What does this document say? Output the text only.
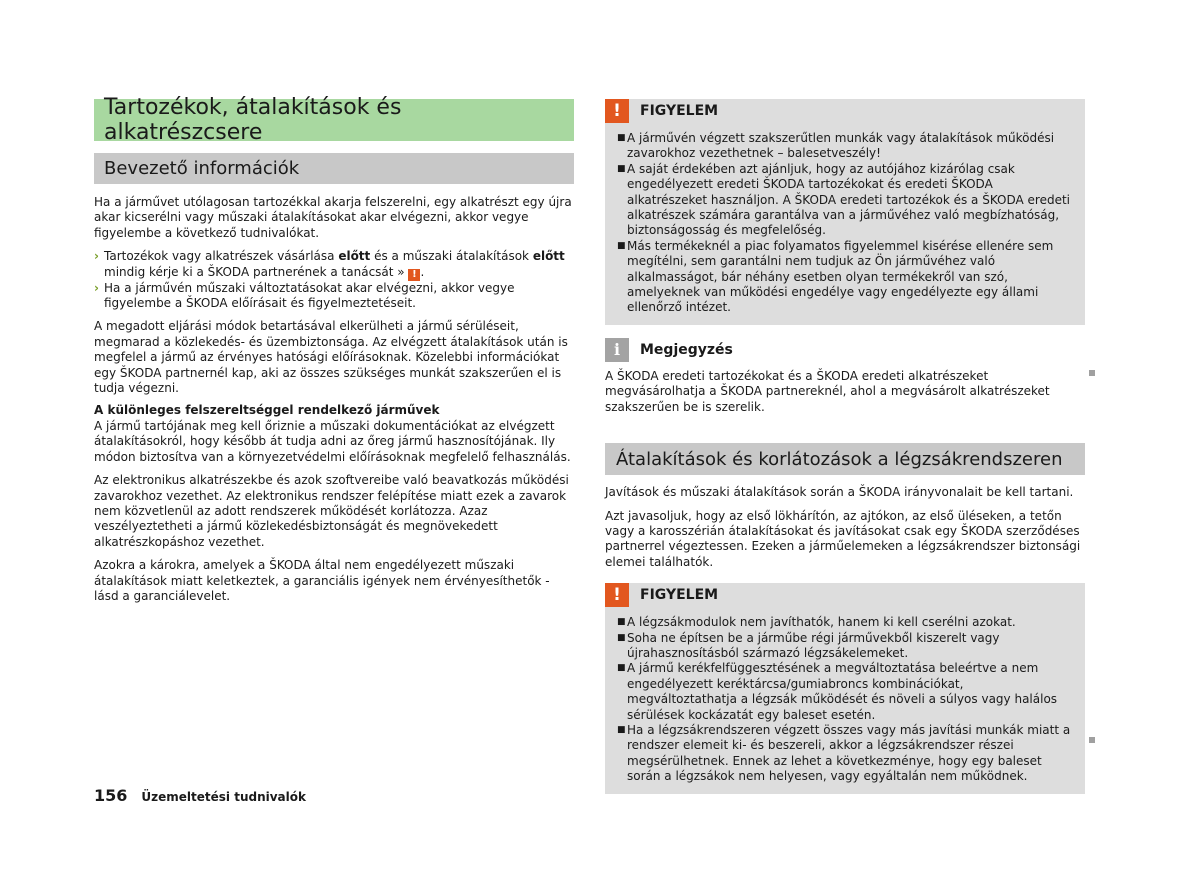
Tartozékok, átalakítások és alkatrészcsere
Bevezető információk

Ha a járművet utólagosan tartozékkal akarja felszerelni, egy alkatrészt egy újra akar kicserélni vagy műszaki átalakításokat akar elvégezni, akkor vegye figyelembe a következő tudnivalókat.

› Tartozékok vagy alkatrészek vásárlása előtt és a műszaki átalakítások előtt mindig kérje ki a ŠKODA partnerének a tanácsát » ! .
› Ha a járművén műszaki változtatásokat akar elvégezni, akkor vegye figyelembe a ŠKODA előírásait és figyelmeztetéseit.

A megadott eljárási módok betartásával elkerülheti a jármű sérüléseit, megmarad a közlekedés- és üzembiztonsága. Az elvégzett átalakítások után is megfelel a jármű az érvényes hatósági előírásoknak. Közelebbi információkat egy ŠKODA partnernél kap, aki az összes szükséges munkát szakszerűen el is tudja végezni.

A különleges felszereltséggel rendelkező járművek

A jármű tartójának meg kell őriznie a műszaki dokumentációkat az elvégzett átalakításokról, hogy később át tudja adni az őreg jármű hasznosítójának. Ily módon biztosítva van a környezetvédelmi előírásoknak megfelelő felhasználás.

Az elektronikus alkatrészekbe és azok szoftvereibe való beavatkozás működési zavarokhoz vezethet. Az elektronikus rendszer felépítése miatt ezek a zavarok nem közvetlenül az adott rendszerek működését korlátozza. Azaz veszélyeztetheti a jármű közlekedésbiztonságát és megnövekedett alkatrészkopáshoz vezethet.

Azokra a károkra, amelyek a ŠKODA által nem engedélyezett műszaki átalakítások miatt keletkeztek, a garanciális igények nem érvényesíthetők - lásd a garanciálevelet.

!	FIGYELEM
■ A járművén végzett szakszerűtlen munkák vagy átalakítások működési zavarokhoz vezethetnek – balesetveszély!
■ A saját érdekében azt ajánljuk, hogy az autójához kizárólag csak engedélyezett eredeti ŠKODA tartozékokat és eredeti ŠKODA alkatrészeket használjon. A ŠKODA eredeti tartozékok és a ŠKODA eredeti alkatrészek számára garantálva van a járművéhez való megbízhatóság, biztonságosság és megfelelőség.
■ Más termékeknél a piac folyamatos figyelemmel kisérése ellenére sem megítélni, sem garantálni nem tudjuk az Ön járművéhez való alkalmasságot, bár néhány esetben olyan termékekről van szó, amelyeknek van működési engedélye vagy engedélyezte egy állami ellenőrző intézet.
i	Megjegyzés

A ŠKODA eredeti tartozékokat és a ŠKODA eredeti alkatrészeket megvásárolhatja a ŠKODA partnereknél, ahol a megvásárolt alkatrészeket szakszerűen be is szerelik.

Átalakítások és korlátozások a légzsákrendszeren

Javítások és műszaki átalakítások során a ŠKODA irányvonalait be kell tartani.

Azt javasoljuk, hogy az első lökhárítón, az ajtókon, az első üléseken, a tetőn vagy a karosszérián átalakításokat és javításokat csak egy ŠKODA szerződéses partnerrel végeztessen. Ezeken a járműelemeken a légzsákrendszer biztonsági elemei találhatók.

!	FIGYELEM
■ A légzsákmodulok nem javíthatók, hanem ki kell cserélni azokat.
■ Soha ne építsen be a járműbe régi járművekből kiszerelt vagy újrahasznosításból származó légzsákelemeket.
■ A jármű kerékfelfüggesztésének a megváltoztatása beleértve a nem engedélyezett keréktárcsa/gumiabroncs kombinációkat, megváltoztathatja a légzsák működését és növeli a súlyos vagy halálos sérülések kockázatát egy baleset esetén.
■ Ha a légzsákrendszeren végzett összes vagy más javítási munkák miatt a rendszer elemeit ki- és beszereli, akkor a légzsákrendszer részei megsérülhetnek. Ennek az lehet a következménye, hogy egy baleset során a légzsákok nem helyesen, vagy egyáltalán nem működnek.
156 Üzemeltetési tudnivalók
